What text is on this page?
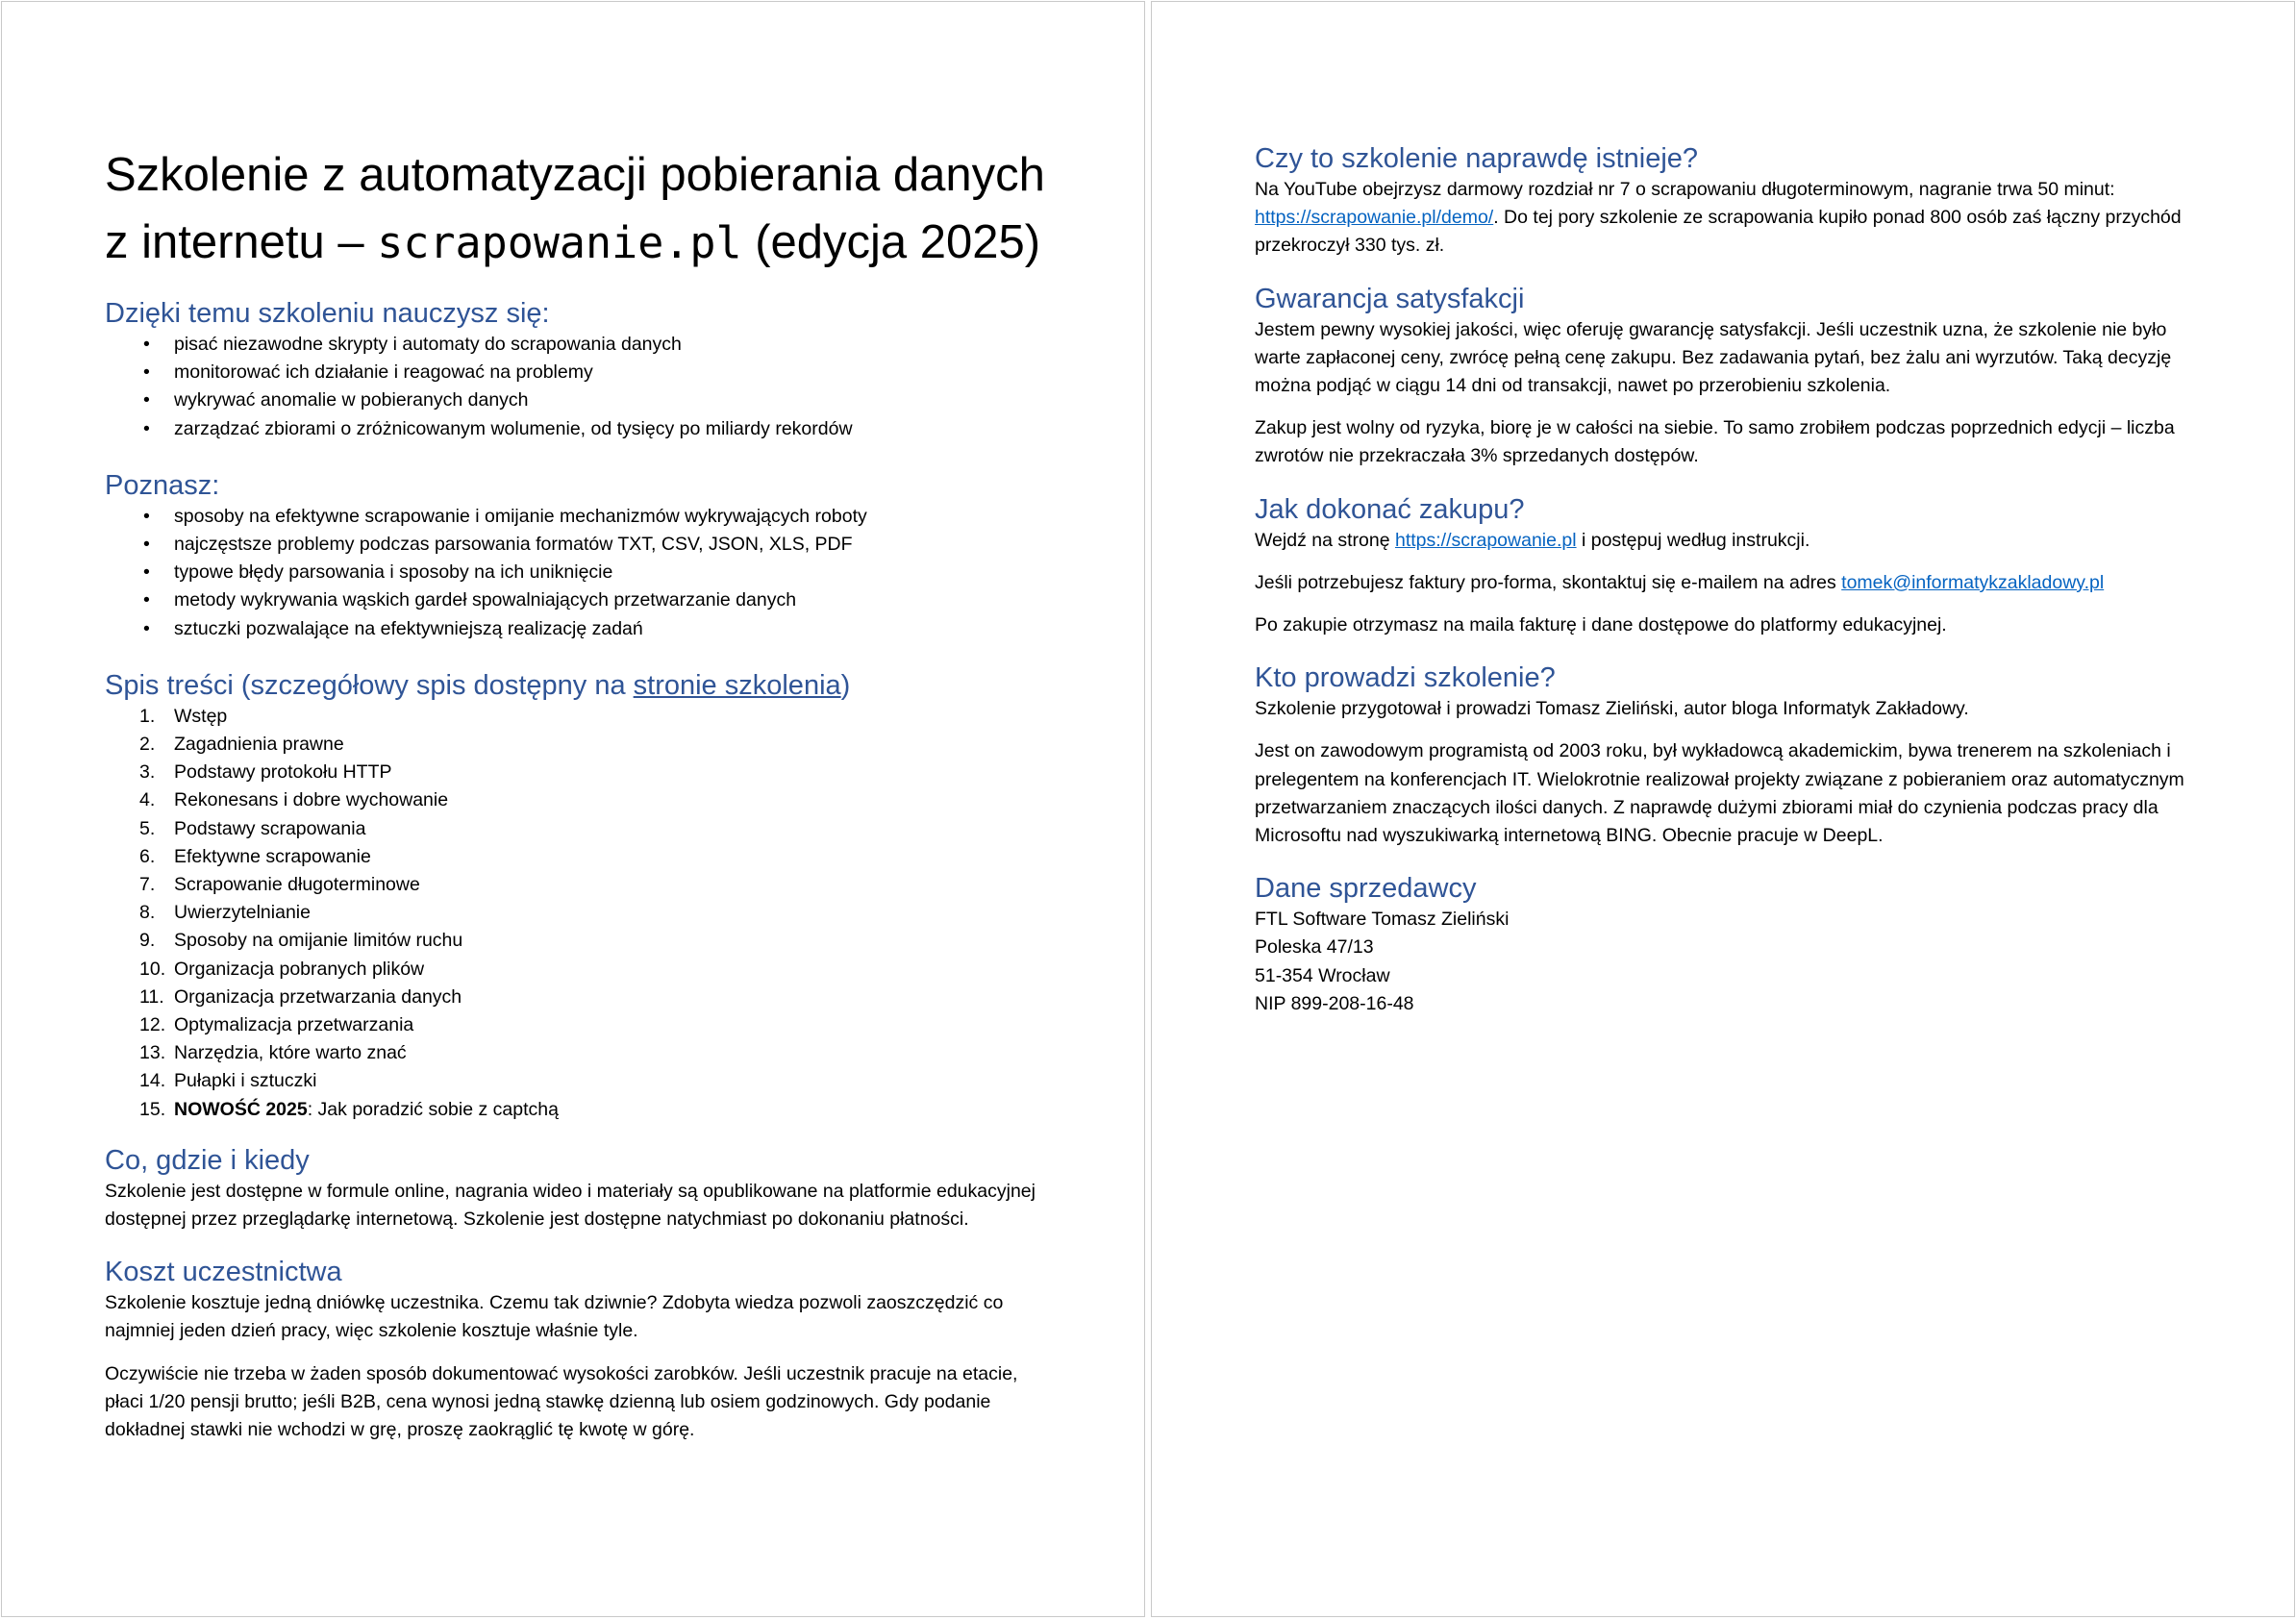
Szkolenie z automatyzacji pobierania danych
z internetu – scrapowanie.pl (edycja 2025)
Dzięki temu szkoleniu nauczysz się:
• pisać niezawodne skrypty i automaty do scrapowania danych
• monitorować ich działanie i reagować na problemy
• wykrywać anomalie w pobieranych danych
• zarządzać zbiorami o zróżnicowanym wolumenie, od tysięcy po miliardy rekordów
Poznasz:
• sposoby na efektywne scrapowanie i omijanie mechanizmów wykrywających roboty
• najczęstsze problemy podczas parsowania formatów TXT, CSV, JSON, XLS, PDF
• typowe błędy parsowania i sposoby na ich uniknięcie
• metody wykrywania wąskich gardeł spowalniających przetwarzanie danych
• sztuczki pozwalające na efektywniejszą realizację zadań
Spis treści (szczegółowy spis dostępny na stronie szkolenia)
1. Wstęp
2. Zagadnienia prawne
3. Podstawy protokołu HTTP
4. Rekonesans i dobre wychowanie
5. Podstawy scrapowania
6. Efektywne scrapowanie
7. Scrapowanie długoterminowe
8. Uwierzytelnianie
9. Sposoby na omijanie limitów ruchu
10. Organizacja pobranych plików
11. Organizacja przetwarzania danych
12. Optymalizacja przetwarzania
13. Narzędzia, które warto znać
14. Pułapki i sztuczki
15. NOWOŚĆ 2025: Jak poradzić sobie z captchą
Co, gdzie i kiedy

Szkolenie jest dostępne w formule online, nagrania wideo i materiały są opublikowane na platformie edukacyjnej dostępnej przez przeglądarkę internetową. Szkolenie jest dostępne natychmiast po dokonaniu płatności.

Koszt uczestnictwa

Szkolenie kosztuje jedną dniówkę uczestnika. Czemu tak dziwnie? Zdobyta wiedza pozwoli zaoszczędzić co najmniej jeden dzień pracy, więc szkolenie kosztuje właśnie tyle.

Oczywiście nie trzeba w żaden sposób dokumentować wysokości zarobków. Jeśli uczestnik pracuje na etacie, płaci 1/20 pensji brutto; jeśli B2B, cena wynosi jedną stawkę dzienną lub osiem godzinowych. Gdy podanie dokładnej stawki nie wchodzi w grę, proszę zaokrąglić tę kwotę w górę.

Czy to szkolenie naprawdę istnieje?

Na YouTube obejrzysz darmowy rozdział nr 7 o scrapowaniu długoterminowym, nagranie trwa 50 minut: https://scrapowanie.pl/demo/. Do tej pory szkolenie ze scrapowania kupiło ponad 800 osób zaś łączny przychód przekroczył 330 tys. zł.

Gwarancja satysfakcji

Jestem pewny wysokiej jakości, więc oferuję gwarancję satysfakcji. Jeśli uczestnik uzna, że szkolenie nie było warte zapłaconej ceny, zwrócę pełną cenę zakupu. Bez zadawania pytań, bez żalu ani wyrzutów. Taką decyzję można podjąć w ciągu 14 dni od transakcji, nawet po przerobieniu szkolenia.

Zakup jest wolny od ryzyka, biorę je w całości na siebie. To samo zrobiłem podczas poprzednich edycji – liczba zwrotów nie przekraczała 3% sprzedanych dostępów.

Jak dokonać zakupu?

Wejdź na stronę https://scrapowanie.pl i postępuj według instrukcji.

Jeśli potrzebujesz faktury pro-forma, skontaktuj się e-mailem na adres tomek@informatykzakladowy.pl

Po zakupie otrzymasz na maila fakturę i dane dostępowe do platformy edukacyjnej.

Kto prowadzi szkolenie?

Szkolenie przygotował i prowadzi Tomasz Zieliński, autor bloga Informatyk Zakładowy.

Jest on zawodowym programistą od 2003 roku, był wykładowcą akademickim, bywa trenerem na szkoleniach i prelegentem na konferencjach IT. Wielokrotnie realizował projekty związane z pobieraniem oraz automatycznym przetwarzaniem znaczących ilości danych. Z naprawdę dużymi zbiorami miał do czynienia podczas pracy dla Microsoftu nad wyszukiwarką internetową BING. Obecnie pracuje w DeepL.

Dane sprzedawcy

FTL Software Tomasz Zieliński

Poleska 47/13

51-354 Wrocław

NIP 899-208-16-48
